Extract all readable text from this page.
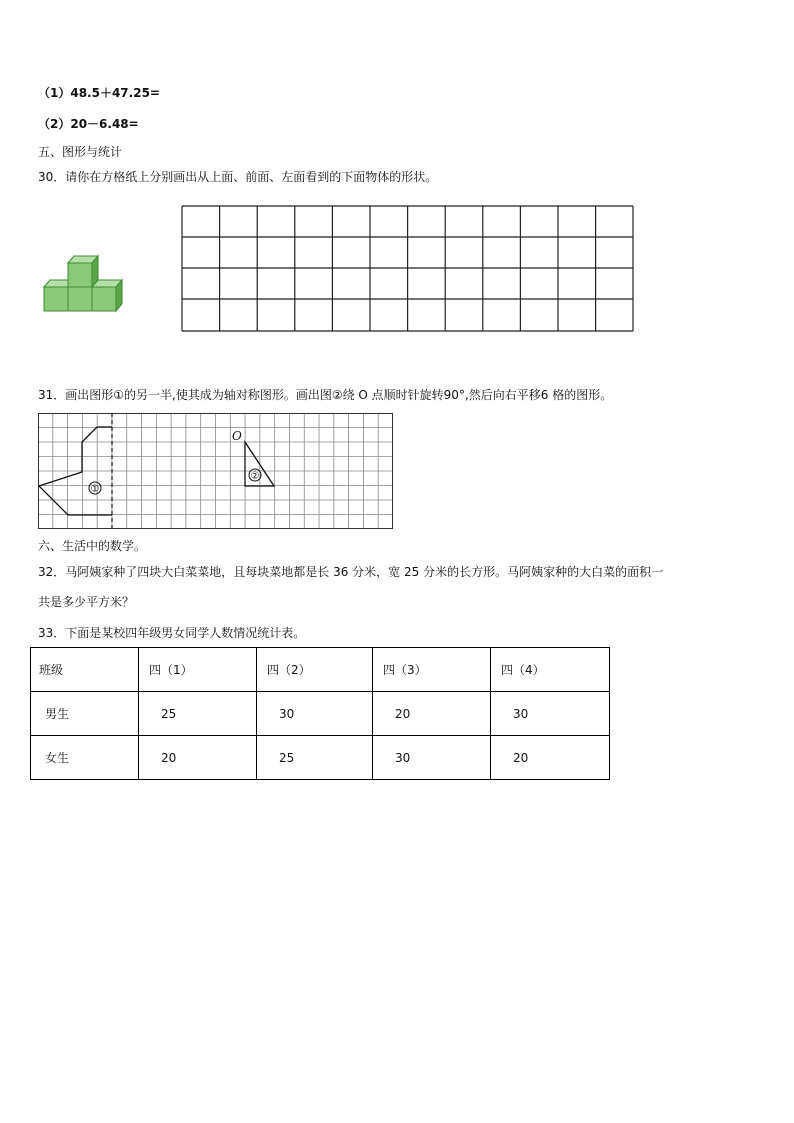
（1）48.5＋47.25=
（2）20－6.48=
五、图形与统计
30．请你在方格纸上分别画出从上面、前面、左面看到的下面物体的形状。
31．画出图形①的另一半,使其成为轴对称图形。画出图②绕 O 点顺时针旋转90°,然后向右平移6 格的图形。
①
O
②
六、生活中的数学。
32．马阿姨家种了四块大白菜菜地，且每块菜地都是长 36 分米，宽 25 分米的长方形。马阿姨家种的大白菜的面积一
共是多少平方米？
33．下面是某校四年级男女同学人数情况统计表。
班级	四（1）	四（2）	四（3）	四（4）
男生	25	30	20	30
女生	20	25	30	20
